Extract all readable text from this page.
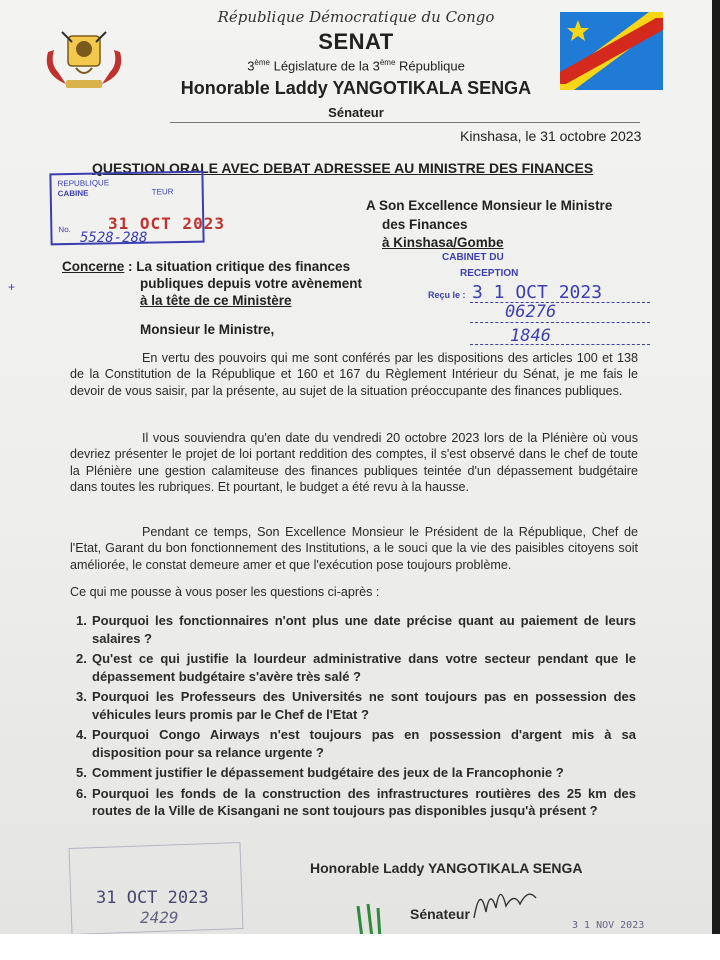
République Démocratique du Congo
SENAT
3ème Législature de la 3ème République
Honorable Laddy YANGOTIKALA SENGA
Sénateur
Kinshasa, le 31 octobre 2023
QUESTION ORALE AVEC DEBAT ADRESSEE AU MINISTRE DES FINANCES
REPUBLIQUE
CABINE	TEUR
No. 31 OCT 2023
5528-288
A Son Excellence Monsieur le Ministre
des Finances
à Kinshasa/Gombe
CABINET DU
RECEPTION
Reçu le : 3 1 OCT 2023
06276
1846
+
Concerne : La situation critique des finances
publiques depuis votre avènement
à la tête de ce Ministère
Monsieur le Ministre,
En vertu des pouvoirs qui me sont conférés par les dispositions des articles 100 et 138 de la Constitution de la République et 160 et 167 du Règlement Intérieur du Sénat, je me fais le devoir de vous saisir, par la présente, au sujet de la situation préoccupante des finances publiques.
Il vous souviendra qu'en date du vendredi 20 octobre 2023 lors de la Plénière où vous devriez présenter le projet de loi portant reddition des comptes, il s'est observé dans le chef de toute la Plénière une gestion calamiteuse des finances publiques teintée d'un dépassement budgétaire dans toutes les rubriques. Et pourtant, le budget a été revu à la hausse.
Pendant ce temps, Son Excellence Monsieur le Président de la République, Chef de l'Etat, Garant du bon fonctionnement des Institutions, a le souci que la vie des paisibles citoyens soit améliorée, le constat demeure amer et que l'exécution pose toujours problème.
Ce qui me pousse à vous poser les questions ci-après :
1. Pourquoi les fonctionnaires n'ont plus une date précise quant au paiement de leurs salaires ?
2. Qu'est ce qui justifie la lourdeur administrative dans votre secteur pendant que le dépassement budgétaire s'avère très salé ?
3. Pourquoi les Professeurs des Universités ne sont toujours pas en possession des véhicules leurs promis par le Chef de l'Etat ?
4. Pourquoi Congo Airways n'est toujours pas en possession d'argent mis à sa disposition pour sa relance urgente ?
5. Comment justifier le dépassement budgétaire des jeux de la Francophonie ?
6. Pourquoi les fonds de la construction des infrastructures routières des 25 km des routes de la Ville de Kisangani ne sont toujours pas disponibles jusqu'à présent ?
31 OCT 2023
2429
Honorable Laddy YANGOTIKALA SENGA
Sénateur
3 1 NOV 2023
